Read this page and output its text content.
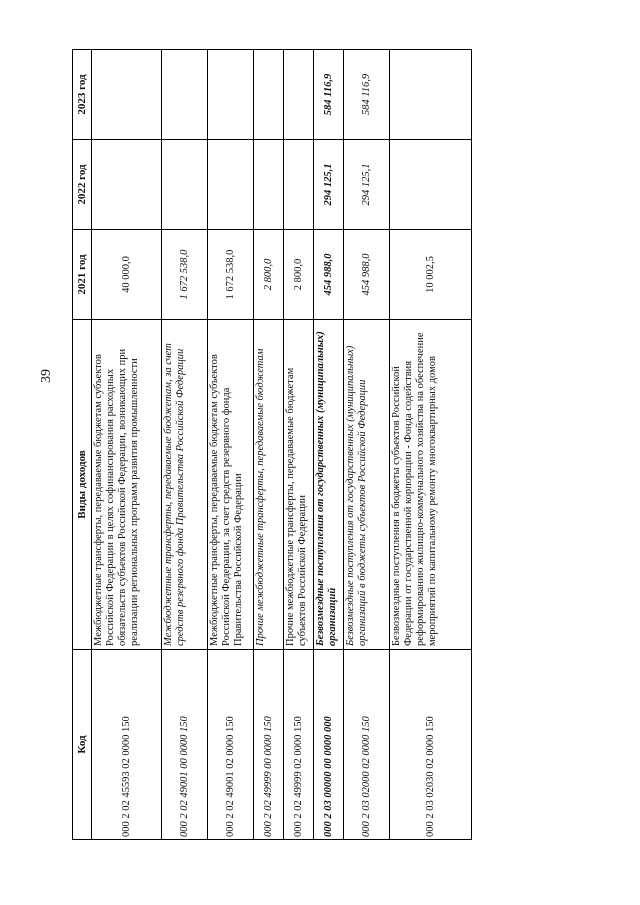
39
Код	Виды доходов	2021 год	2022 год	2023 год
000 2 02 45593 02 0000 150	Межбюджетные трансферты, передаваемые бюджетам субъектов Российской Федерации в целях софинансирования расходных обязательств субъектов Российской Федерации, возникающих при реализации региональных программ развития промышленности	40 000,0		
000 2 02 49001 00 0000 150	Межбюджетные трансферты, передаваемые бюджетам, за счет средств резервного фонда Правительства Российской Федерации	1 672 538,0		
000 2 02 49001 02 0000 150	Межбюджетные трансферты, передаваемые бюджетам субъектов Российской Федерации, за счет средств резервного фонда Правительства Российской Федерации	1 672 538,0		
000 2 02 49999 00 0000 150	Прочие межбюджетные трансферты, передаваемые бюджетам	2 800,0		
000 2 02 49999 02 0000 150	Прочие межбюджетные трансферты, передаваемые бюджетам субъектов Российской Федерации	2 800,0		
000 2 03 00000 00 0000 000	Безвозмездные поступления от государственных (муниципальных) организаций	454 988,0	294 125,1	584 116,9
000 2 03 02000 02 0000 150	Безвозмездные поступления от государственных (муниципальных) организаций в бюджеты субъектов Российской Федерации	454 988,0	294 125,1	584 116,9
000 2 03 02030 02 0000 150	Безвозмездные поступления в бюджеты субъектов Российской Федерации от государственной корпорации - Фонда содействия реформированию жилищно-коммунального хозяйства на обеспечение мероприятий по капитальному ремонту многоквартирных домов	10 002,5		
